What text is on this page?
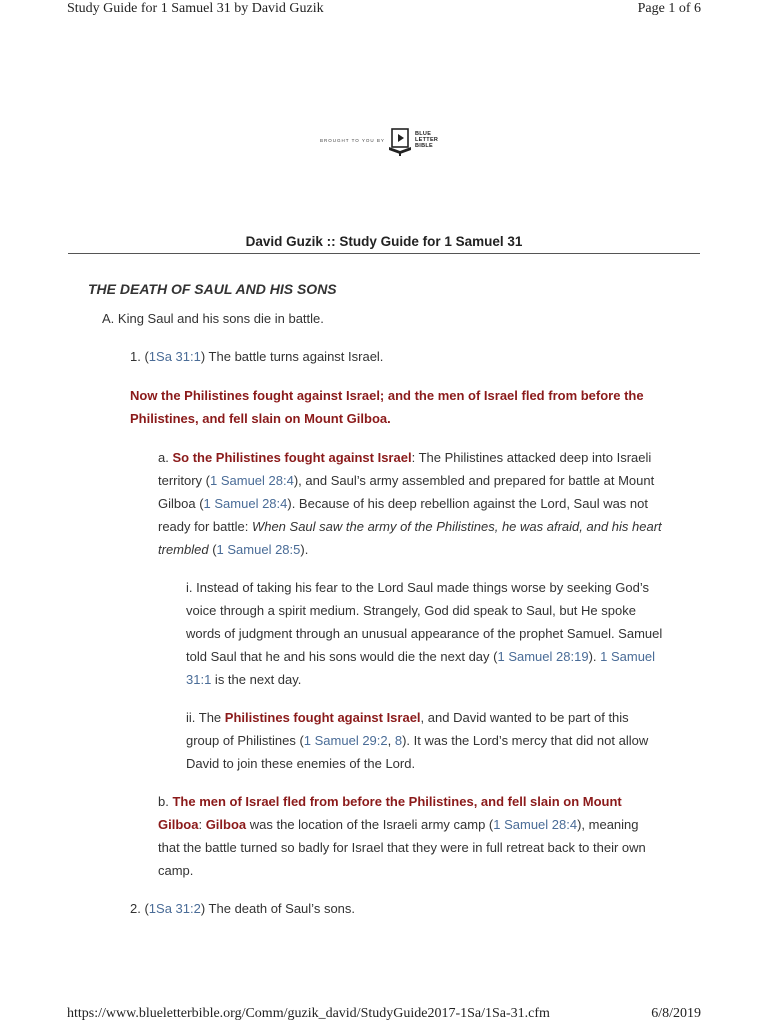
Study Guide for 1 Samuel 31 by David Guzik	Page 1 of 6
BROUGHT TO YOU BY
BLUE
LETTER
BIBLE
David Guzik :: Study Guide for 1 Samuel 31
THE DEATH OF SAUL AND HIS SONS

A. King Saul and his sons die in battle.

1. (1Sa 31:1) The battle turns against Israel.

Now the Philistines fought against Israel; and the men of Israel fled from before the Philistines, and fell slain on Mount Gilboa.

a. So the Philistines fought against Israel: The Philistines attacked deep into Israeli territory (1 Samuel 28:4), and Saul’s army assembled and prepared for battle at Mount Gilboa (1 Samuel 28:4). Because of his deep rebellion against the Lord, Saul was not ready for battle: When Saul saw the army of the Philistines, he was afraid, and his heart trembled (1 Samuel 28:5).

i. Instead of taking his fear to the Lord Saul made things worse by seeking God’s voice through a spirit medium. Strangely, God did speak to Saul, but He spoke words of judgment through an unusual appearance of the prophet Samuel. Samuel told Saul that he and his sons would die the next day (1 Samuel 28:19). 1 Samuel 31:1 is the next day.

ii. The Philistines fought against Israel, and David wanted to be part of this group of Philistines (1 Samuel 29:2, 8). It was the Lord’s mercy that did not allow David to join these enemies of the Lord.

b. The men of Israel fled from before the Philistines, and fell slain on Mount Gilboa: Gilboa was the location of the Israeli army camp (1 Samuel 28:4), meaning that the battle turned so badly for Israel that they were in full retreat back to their own camp.

2. (1Sa 31:2) The death of Saul’s sons.

https://www.blueletterbible.org/Comm/guzik_david/StudyGuide2017-1Sa/1Sa-31.cfm	6/8/2019
